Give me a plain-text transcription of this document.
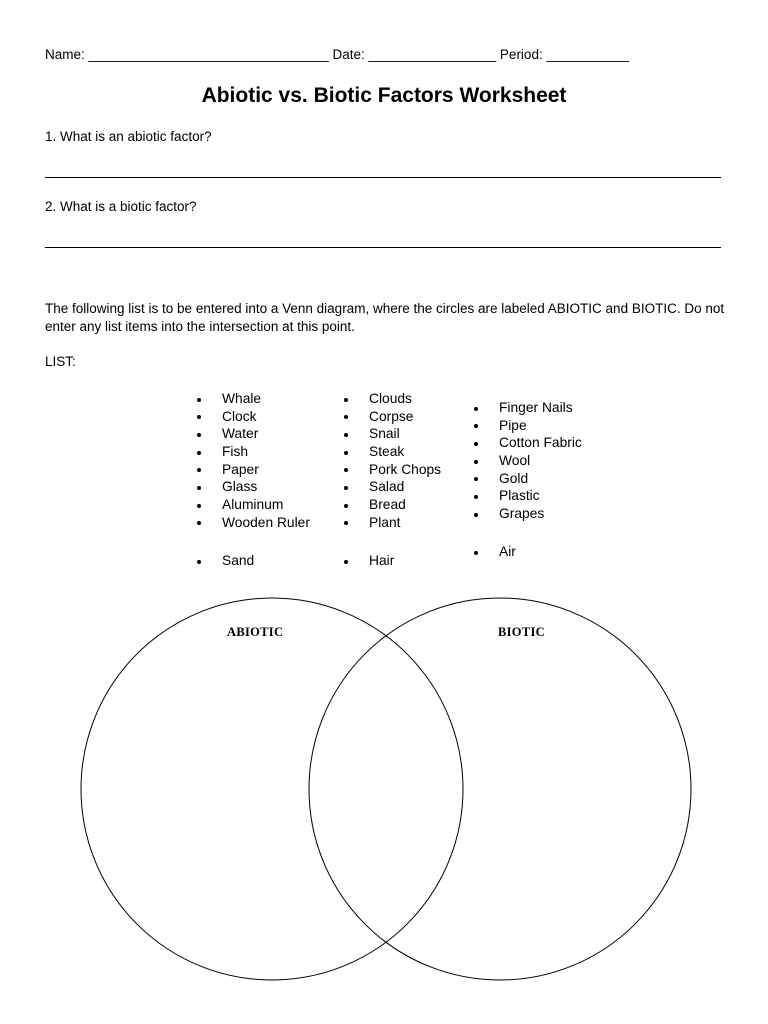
Name: ________________________________ Date: _________________ Period: ___________
Abiotic vs. Biotic Factors Worksheet
1. What is an abiotic factor?
2. What is a biotic factor?
The following list is to be entered into a Venn diagram, where the circles are labeled ABIOTIC and BIOTIC. Do not enter any list items into the intersection at this point.
LIST:
Whale
Clock
Water
Fish
Paper
Glass
Aluminum
Wooden Ruler
Sand
Clouds
Corpse
Snail
Steak
Pork Chops
Salad
Bread
Plant
Hair
Finger Nails
Pipe
Cotton Fabric
Wool
Gold
Plastic
Grapes
Air
ABIOTIC	BIOTIC
